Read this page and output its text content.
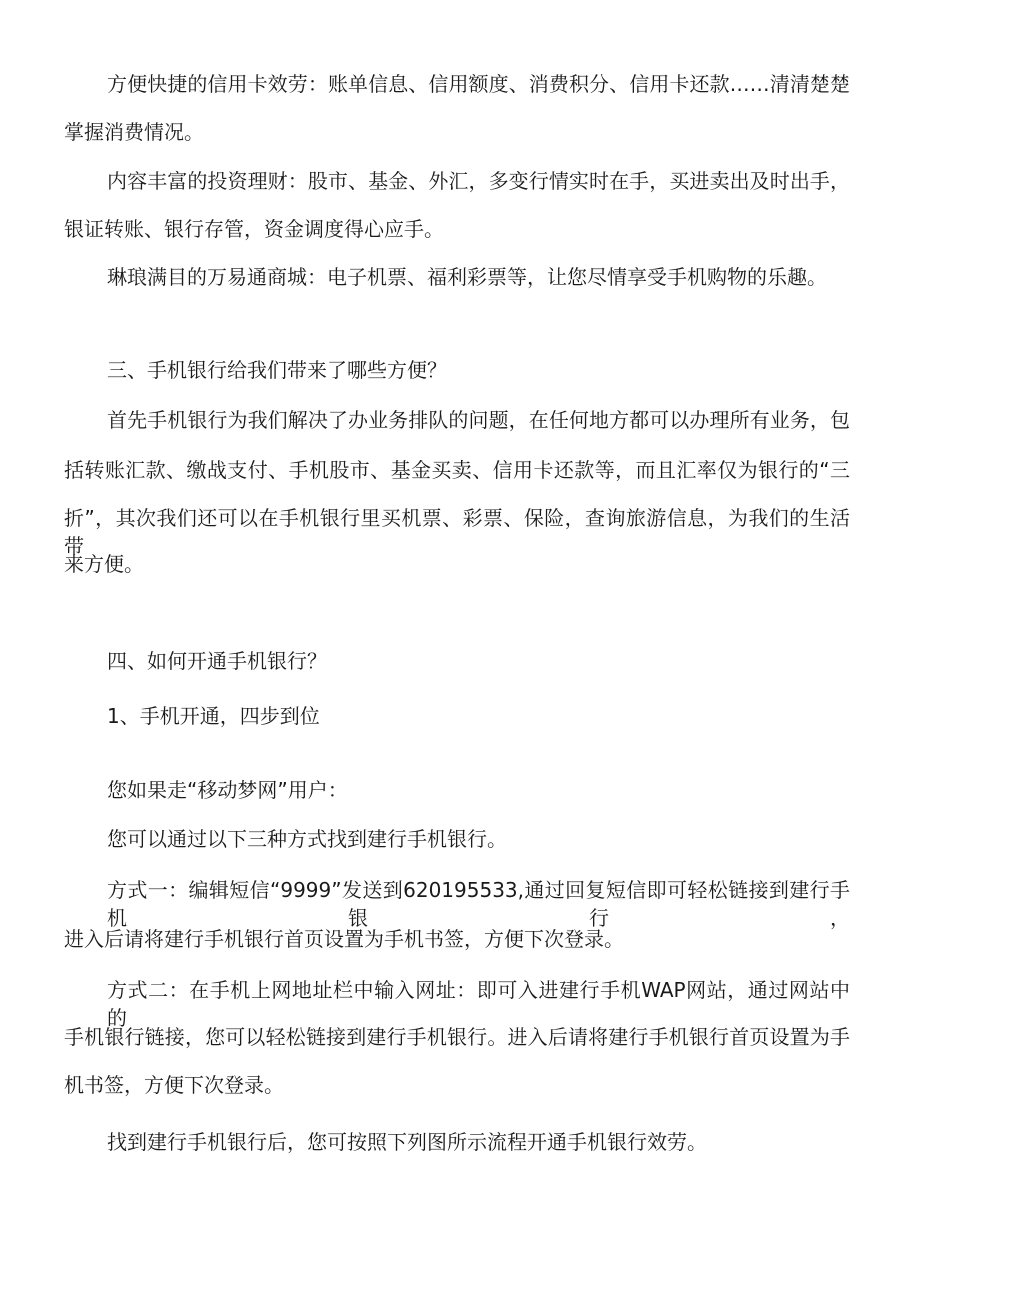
方便快捷的信用卡效劳：账单信息、信用额度、消费积分、信用卡还款……清清楚楚
掌握消费情况。
内容丰富的投资理财：股市、基金、外汇，多变行情实时在手，买进卖出及时出手，
银证转账、银行存管，资金调度得心应手。
琳琅满目的万易通商城：电子机票、福利彩票等，让您尽情享受手机购物的乐趣。
三、手机银行给我们带来了哪些方便？
首先手机银行为我们解决了办业务排队的问题，在任何地方都可以办理所有业务，包
括转账汇款、缴战支付、手机股市、基金买卖、信用卡还款等，而且汇率仅为银行的“三
折”，其次我们还可以在手机银行里买机票、彩票、保险，查询旅游信息，为我们的生活带
来方便。
四、如何开通手机银行？
1、手机开通，四步到位
您如果走“移动梦网”用户：
您可以通过以下三种方式找到建行手机银行。
方式一：编辑短信“9999”发送到620195533,通过回复短信即可轻松链接到建行手机银行，
进入后请将建行手机银行首页设置为手机书签，方便下次登录。
方式二：在手机上网地址栏中输入网址：即可入进建行手机WAP网站，通过网站中的
手机银行链接，您可以轻松链接到建行手机银行。进入后请将建行手机银行首页设置为手
机书签，方便下次登录。
找到建行手机银行后，您可按照下列图所示流程开通手机银行效劳。
